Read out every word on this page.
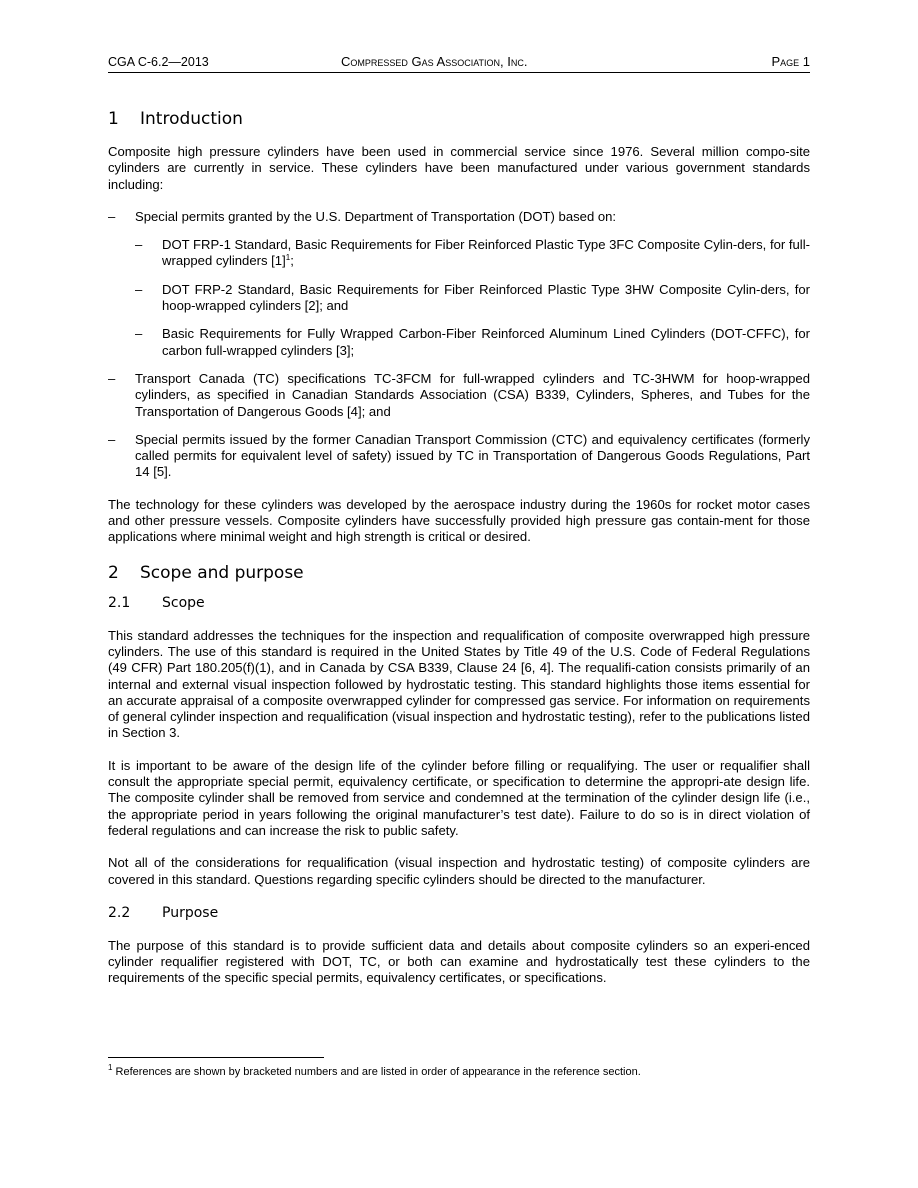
CGA C-6.2—2013	Compressed Gas Association, Inc.	Page 1
1 Introduction

Composite high pressure cylinders have been used in commercial service since 1976. Several million compo-site cylinders are currently in service. These cylinders have been manufactured under various government standards including:

– Special permits granted by the U.S. Department of Transportation (DOT) based on:
– DOT FRP-1 Standard, Basic Requirements for Fiber Reinforced Plastic Type 3FC Composite Cylin-ders, for full-wrapped cylinders $[1]^1$;
– DOT FRP-2 Standard, Basic Requirements for Fiber Reinforced Plastic Type 3HW Composite Cylin-ders, for hoop-wrapped cylinders [2]; and
– Basic Requirements for Fully Wrapped Carbon-Fiber Reinforced Aluminum Lined Cylinders (DOT-CFFC), for carbon full-wrapped cylinders [3];
– Transport Canada (TC) specifications TC-3FCM for full-wrapped cylinders and TC-3HWM for hoop-wrapped cylinders, as specified in Canadian Standards Association (CSA) B339, Cylinders, Spheres, and Tubes for the Transportation of Dangerous Goods [4]; and
– Special permits issued by the former Canadian Transport Commission (CTC) and equivalency certificates (formerly called permits for equivalent level of safety) issued by TC in Transportation of Dangerous Goods Regulations, Part 14 [5].

The technology for these cylinders was developed by the aerospace industry during the 1960s for rocket motor cases and other pressure vessels. Composite cylinders have successfully provided high pressure gas contain-ment for those applications where minimal weight and high strength is critical or desired.

2 Scope and purpose
2.1 Scope

This standard addresses the techniques for the inspection and requalification of composite overwrapped high pressure cylinders. The use of this standard is required in the United States by Title 49 of the U.S. Code of Federal Regulations (49 CFR) Part 180.205(f)(1), and in Canada by CSA B339, Clause 24 [6, 4]. The requalifi-cation consists primarily of an internal and external visual inspection followed by hydrostatic testing. This standard highlights those items essential for an accurate appraisal of a composite overwrapped cylinder for compressed gas service. For information on requirements of general cylinder inspection and requalification (visual inspection and hydrostatic testing), refer to the publications listed in Section 3.

It is important to be aware of the design life of the cylinder before filling or requalifying. The user or requalifier shall consult the appropriate special permit, equivalency certificate, or specification to determine the appropri-ate design life. The composite cylinder shall be removed from service and condemned at the termination of the cylinder design life (i.e., the appropriate period in years following the original manufacturer’s test date). Failure to do so is in direct violation of federal regulations and can increase the risk to public safety.

Not all of the considerations for requalification (visual inspection and hydrostatic testing) of composite cylinders are covered in this standard. Questions regarding specific cylinders should be directed to the manufacturer.

2.2 Purpose

The purpose of this standard is to provide sufficient data and details about composite cylinders so an experi-enced cylinder requalifier registered with DOT, TC, or both can examine and hydrostatically test these cylinders to the requirements of the specific special permits, equivalency certificates, or specifications.

$^1$ References are shown by bracketed numbers and are listed in order of appearance in the reference section.
